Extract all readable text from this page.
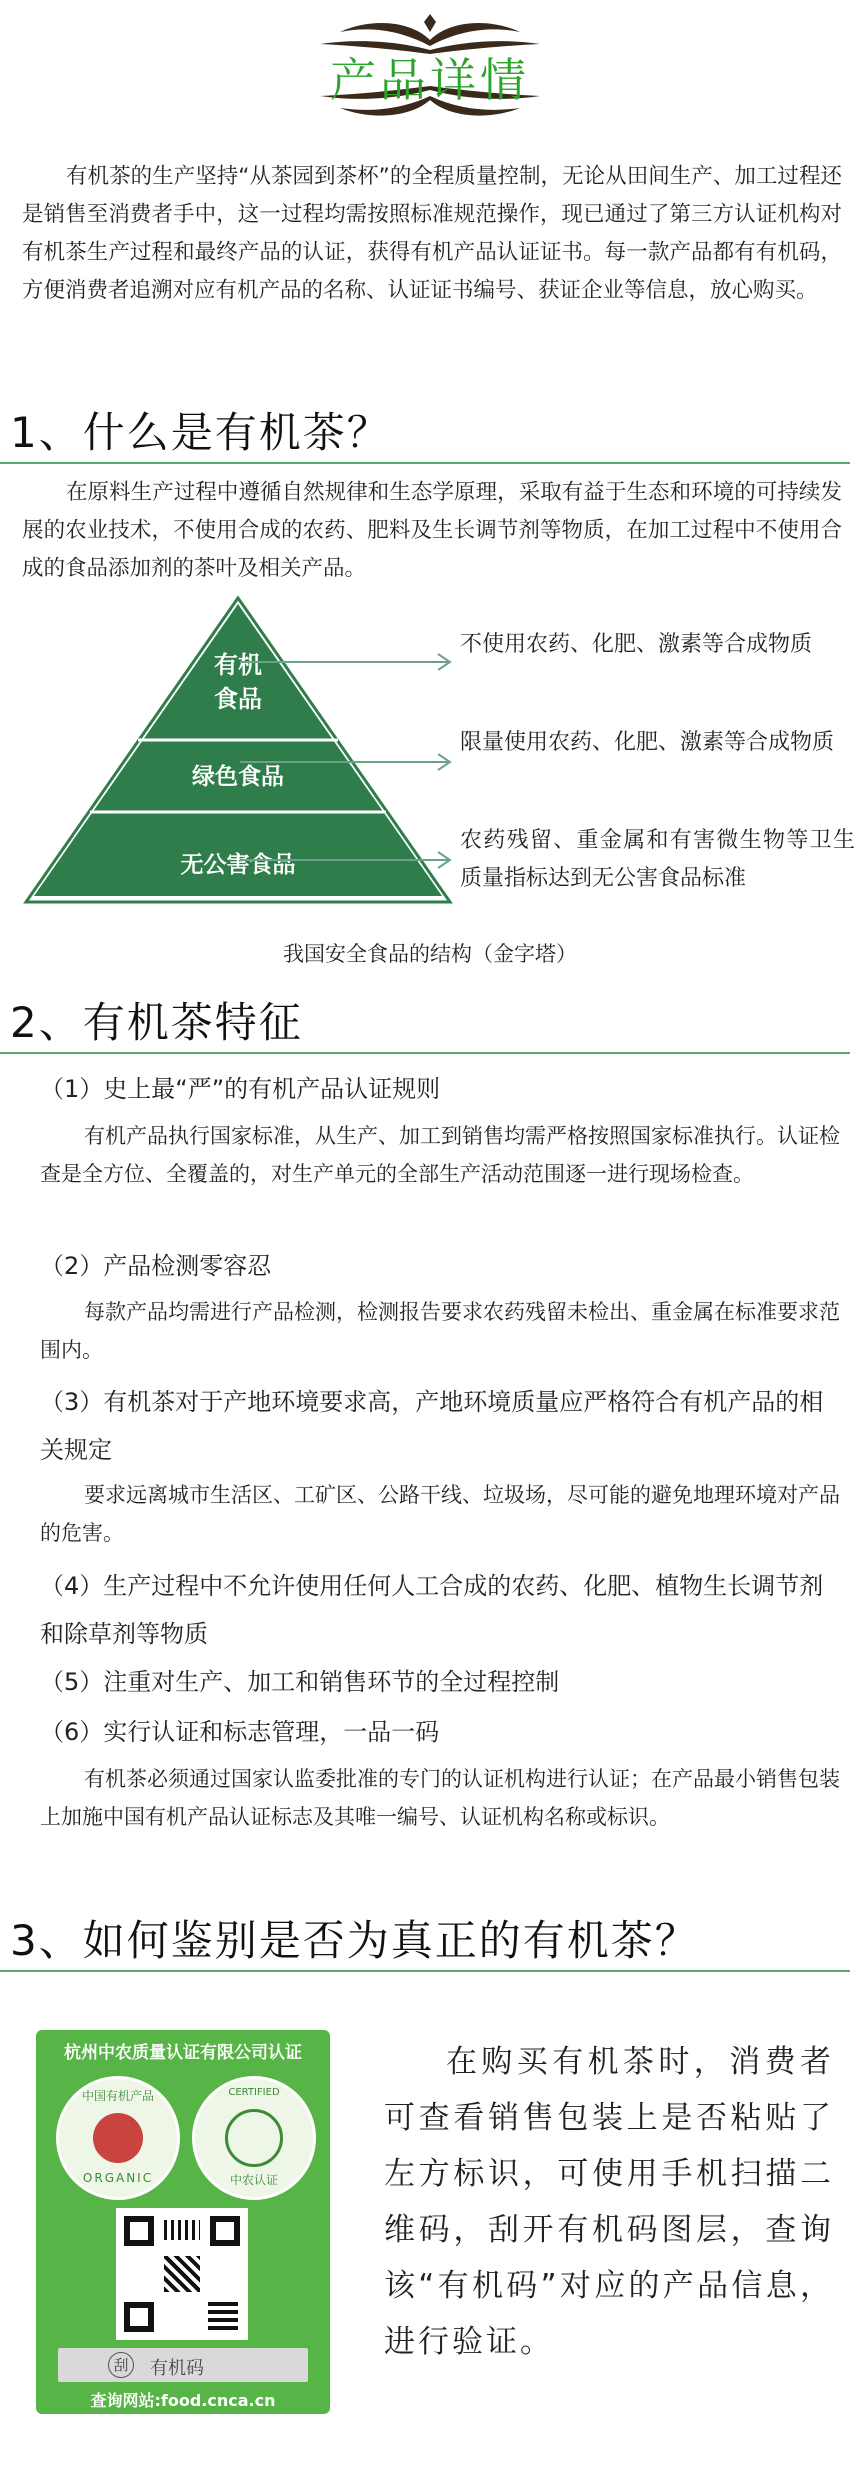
产品详情
有机茶的生产坚持“从茶园到茶杯”的全程质量控制，无论从田间生产、加工过程还是销售至消费者手中，这一过程均需按照标准规范操作，现已通过了第三方认证机构对有机茶生产过程和最终产品的认证，获得有机产品认证证书。每一款产品都有有机码，方便消费者追溯对应有机产品的名称、认证证书编号、获证企业等信息，放心购买。
1、什么是有机茶？
在原料生产过程中遵循自然规律和生态学原理，采取有益于生态和环境的可持续发展的农业技术，不使用合成的农药、肥料及生长调节剂等物质，在加工过程中不使用合成的食品添加剂的茶叶及相关产品。
有机
食品
绿色食品
无公害食品
不使用农药、化肥、激素等合成物质
限量使用农药、化肥、激素等合成物质
农药残留、重金属和有害微生物等卫生质量指标达到无公害食品标准
我国安全食品的结构（金字塔）
2、有机茶特征
（1）史上最“严”的有机产品认证规则
有机产品执行国家标准，从生产、加工到销售均需严格按照国家标准执行。认证检查是全方位、全覆盖的，对生产单元的全部生产活动范围逐一进行现场检查。
（2）产品检测零容忍
每款产品均需进行产品检测，检测报告要求农药残留未检出、重金属在标准要求范围内。
（3）有机茶对于产地环境要求高，产地环境质量应严格符合有机产品的相关规定
要求远离城市生活区、工矿区、公路干线、垃圾场，尽可能的避免地理环境对产品的危害。
（4）生产过程中不允许使用任何人工合成的农药、化肥、植物生长调节剂和除草剂等物质
（5）注重对生产、加工和销售环节的全过程控制
（6）实行认证和标志管理，一品一码
有机茶必须通过国家认监委批准的专门的认证机构进行认证；在产品最小销售包装上加施中国有机产品认证标志及其唯一编号、认证机构名称或标识。
3、如何鉴别是否为真正的有机茶？
杭州中农质量认证有限公司认证
中国有机产品
ORGANIC
CERTIFIED
中农认证
刮	有机码
查询网站:food.cnca.cn
在购买有机茶时，消费者可查看销售包装上是否粘贴了左方标识，可使用手机扫描二维码，刮开有机码图层，查询该“有机码”对应的产品信息，进行验证。
